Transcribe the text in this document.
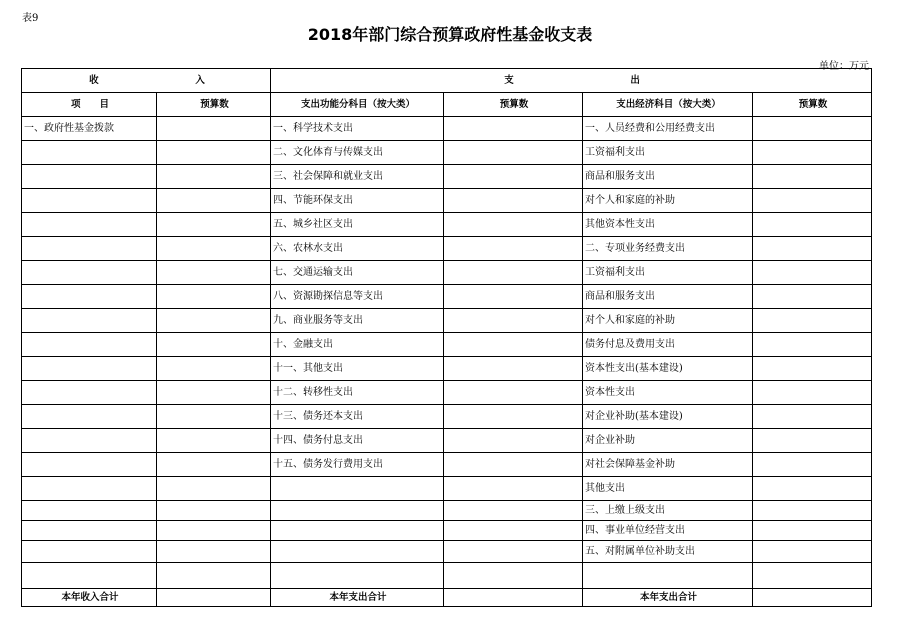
表9
2018年部门综合预算政府性基金收支表
单位：万元
收 入		支 出			
项　　目	预算数	支出功能分科目（按大类）	预算数	支出经济科目（按大类）	预算数
一、政府性基金拨款		一、科学技术支出		一、人员经费和公用经费支出	
		二、文化体育与传媒支出		工资福利支出	
		三、社会保障和就业支出		商品和服务支出	
		四、节能环保支出		对个人和家庭的补助	
		五、城乡社区支出		其他资本性支出	
		六、农林水支出		二、专项业务经费支出	
		七、交通运输支出		工资福利支出	
		八、资源勘探信息等支出		商品和服务支出	
		九、商业服务等支出		对个人和家庭的补助	
		十、金融支出		债务付息及费用支出	
		十一、其他支出		资本性支出(基本建设)	
		十二、转移性支出		资本性支出	
		十三、债务还本支出		对企业补助(基本建设)	
		十四、债务付息支出		对企业补助	
		十五、债务发行费用支出		对社会保障基金补助	
				其他支出	
				三、上缴上级支出	
				四、事业单位经营支出	
				五、对附属单位补助支出	

本年收入合计		本年支出合计		本年支出合计	
